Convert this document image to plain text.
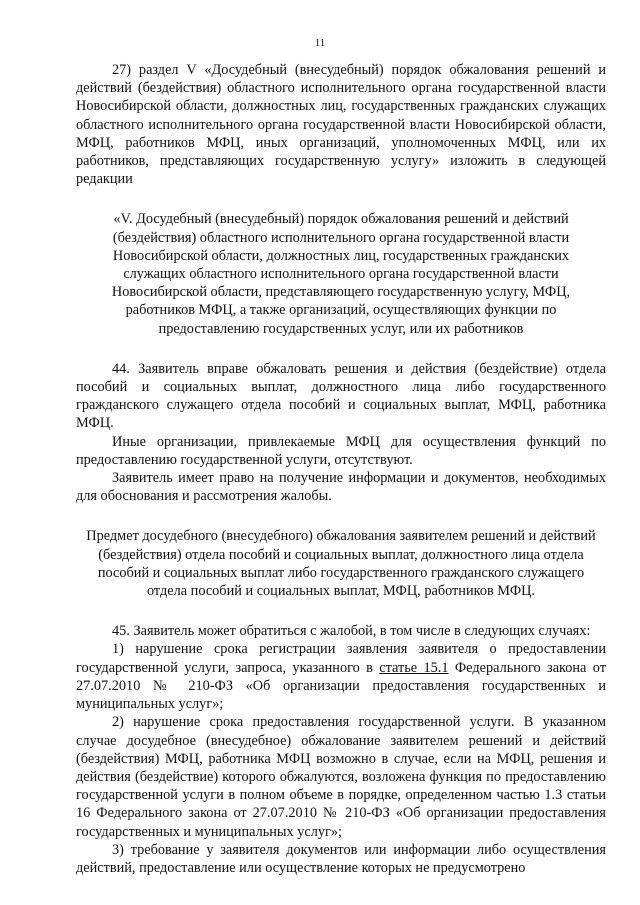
11

27) раздел V «Досудебный (внесудебный) порядок обжалования решений и действий (бездействия) областного исполнительного органа государственной власти Новосибирской области, должностных лиц, государственных гражданских служащих областного исполнительного органа государственной власти Новосибирской области, МФЦ, работников МФЦ, иных организаций, уполномоченных МФЦ, или их работников, представляющих государственную услугу» изложить в следующей редакции

«V. Досудебный (внесудебный) порядок обжалования решений и действий (бездействия) областного исполнительного органа государственной власти Новосибирской области, должностных лиц, государственных гражданских служащих областного исполнительного органа государственной власти Новосибирской области, представляющего государственную услугу, МФЦ, работников МФЦ, а также организаций, осуществляющих функции по предоставлению государственных услуг, или их работников

44. Заявитель вправе обжаловать решения и действия (бездействие) отдела пособий и социальных выплат, должностного лица либо государственного гражданского служащего отдела пособий и социальных выплат, МФЦ, работника МФЦ.

Иные организации, привлекаемые МФЦ для осуществления функций по предоставлению государственной услуги, отсутствуют.

Заявитель имеет право на получение информации и документов, необходимых для обоснования и рассмотрения жалобы.

Предмет досудебного (внесудебного) обжалования заявителем решений и действий (бездействия) отдела пособий и социальных выплат, должностного лица отдела пособий и социальных выплат либо государственного гражданского служащего отдела пособий и социальных выплат, МФЦ, работников МФЦ.

45. Заявитель может обратиться с жалобой, в том числе в следующих случаях:

1) нарушение срока регистрации заявления заявителя о предоставлении государственной услуги, запроса, указанного в статье 15.1 Федерального закона от 27.07.2010 № 210-ФЗ «Об организации предоставления государственных и муниципальных услуг»;

2) нарушение срока предоставления государственной услуги. В указанном случае досудебное (внесудебное) обжалование заявителем решений и действий (бездействия) МФЦ, работника МФЦ возможно в случае, если на МФЦ, решения и действия (бездействие) которого обжалуются, возложена функция по предоставлению государственной услуги в полном объеме в порядке, определенном частью 1.3 статьи 16 Федерального закона от 27.07.2010 № 210-ФЗ «Об организации предоставления государственных и муниципальных услуг»;

3) требование у заявителя документов или информации либо осуществления действий, предоставление или осуществление которых не предусмотрено
